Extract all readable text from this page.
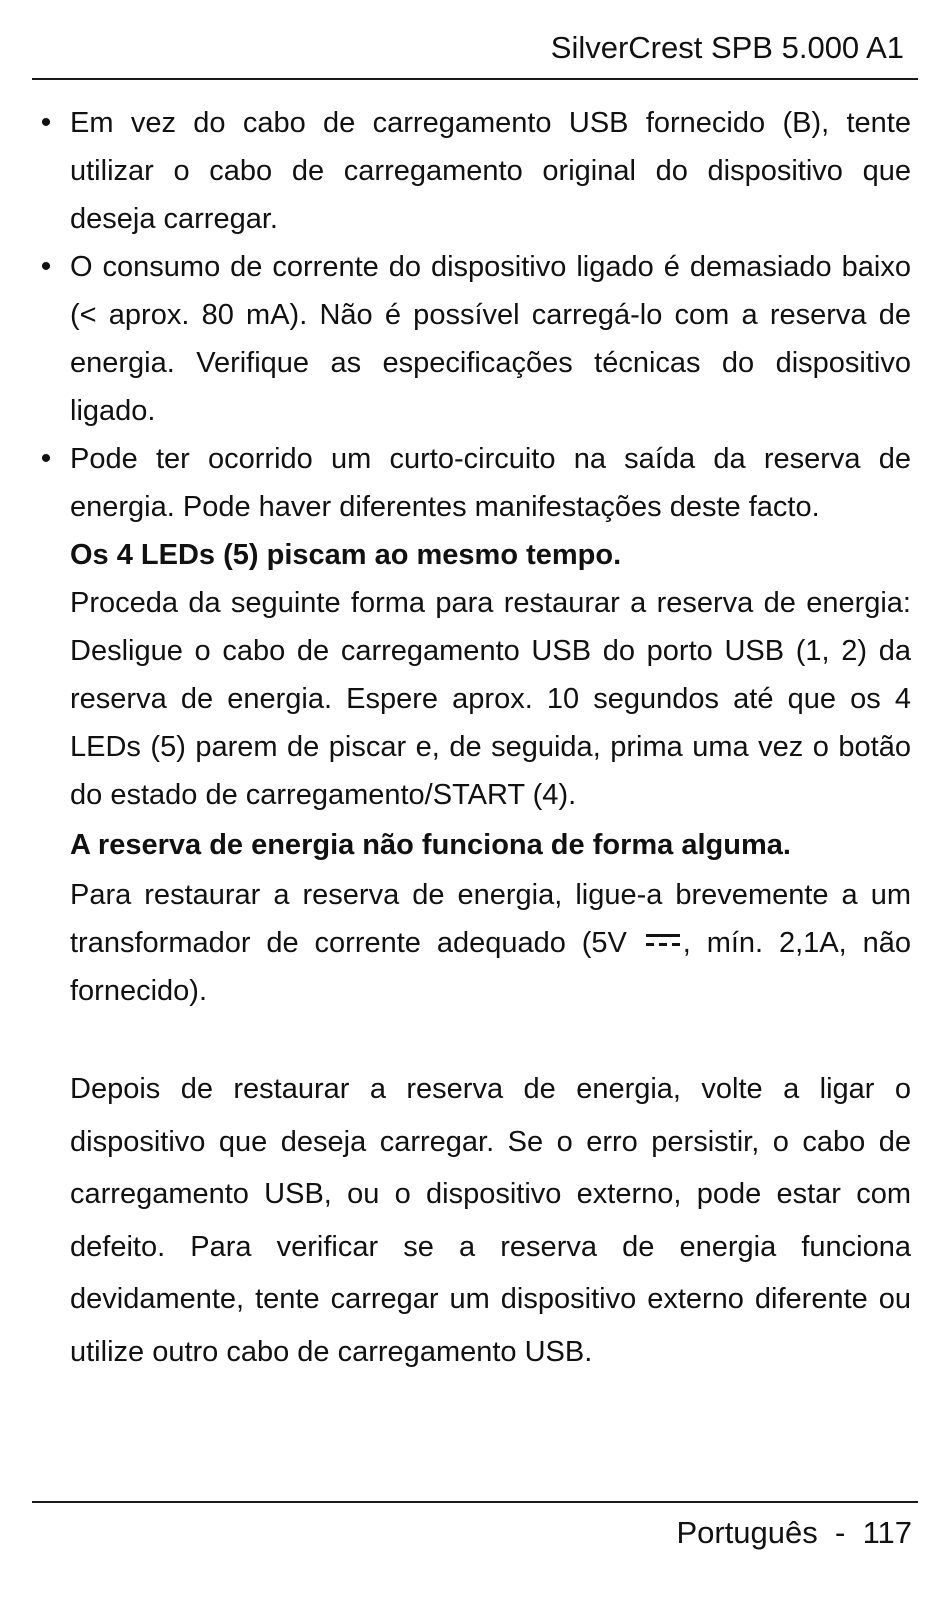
SilverCrest SPB 5.000 A1
• Em vez do cabo de carregamento USB fornecido (B), tente utilizar o cabo de carregamento original do dispositivo que deseja carregar.
• O consumo de corrente do dispositivo ligado é demasiado baixo (< aprox. 80 mA). Não é possível carregá-lo com a reserva de energia. Verifique as especificações técnicas do dispositivo ligado.
• Pode ter ocorrido um curto-circuito na saída da reserva de energia. Pode haver diferentes manifestações deste facto.
Os 4 LEDs (5) piscam ao mesmo tempo.
Proceda da seguinte forma para restaurar a reserva de energia: Desligue o cabo de carregamento USB do porto USB (1, 2) da reserva de energia. Espere aprox. 10 segundos até que os 4 LEDs (5) parem de piscar e, de seguida, prima uma vez o botão do estado de carregamento/START (4).
A reserva de energia não funciona de forma alguma.
Para restaurar a reserva de energia, ligue-a brevemente a um transformador de corrente adequado (5V , mín. 2,1A, não fornecido).
Depois de restaurar a reserva de energia, volte a ligar o dispositivo que deseja carregar. Se o erro persistir, o cabo de carregamento USB, ou o dispositivo externo, pode estar com defeito. Para verificar se a reserva de energia funciona devidamente, tente carregar um dispositivo externo diferente ou utilize outro cabo de carregamento USB.
Português - 117
